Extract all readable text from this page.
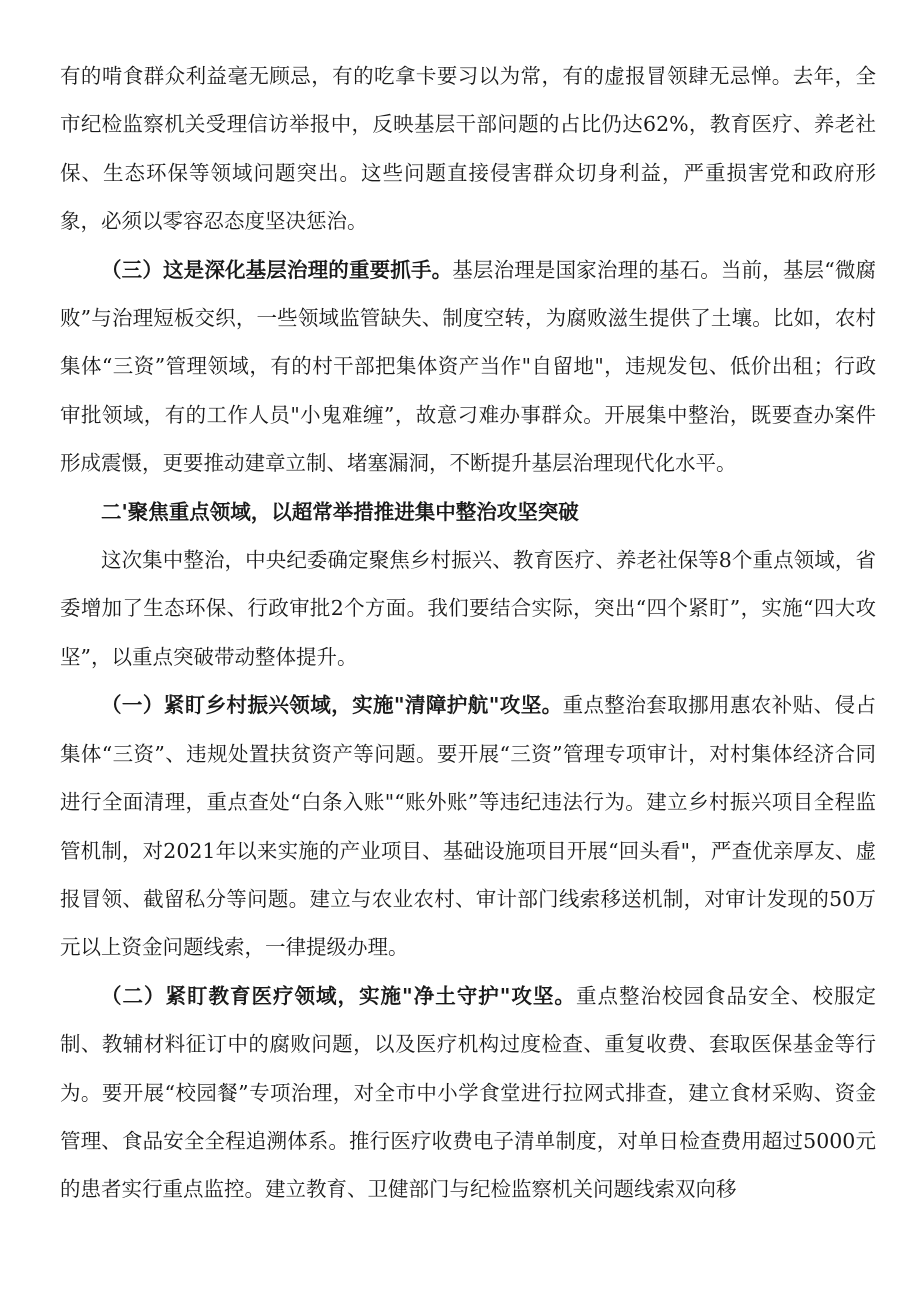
有的啃食群众利益毫无顾忌，有的吃拿卡要习以为常，有的虚报冒领肆无忌惮。去年，全市纪检监察机关受理信访举报中，反映基层干部问题的占比仍达62%，教育医疗、养老社保、生态环保等领域问题突出。这些问题直接侵害群众切身利益，严重损害党和政府形象，必须以零容忍态度坚决惩治。

（三）这是深化基层治理的重要抓手。基层治理是国家治理的基石。当前，基层“微腐败”与治理短板交织，一些领域监管缺失、制度空转，为腐败滋生提供了土壤。比如，农村集体“三资”管理领域，有的村干部把集体资产当作"自留地"，违规发包、低价出租；行政审批领域，有的工作人员"小鬼难缠”，故意刁难办事群众。开展集中整治，既要查办案件形成震慑，更要推动建章立制、堵塞漏洞，不断提升基层治理现代化水平。

二'聚焦重点领域，以超常举措推进集中整治攻坚突破

这次集中整治，中央纪委确定聚焦乡村振兴、教育医疗、养老社保等8个重点领域，省委增加了生态环保、行政审批2个方面。我们要结合实际，突出“四个紧盯”，实施“四大攻坚”，以重点突破带动整体提升。

（一）紧盯乡村振兴领域，实施"清障护航"攻坚。重点整治套取挪用惠农补贴、侵占集体“三资”、违规处置扶贫资产等问题。要开展“三资”管理专项审计，对村集体经济合同进行全面清理，重点查处“白条入账"“账外账”等违纪违法行为。建立乡村振兴项目全程监管机制，对2021年以来实施的产业项目、基础设施项目开展“回头看"，严查优亲厚友、虚报冒领、截留私分等问题。建立与农业农村、审计部门线索移送机制，对审计发现的50万元以上资金问题线索，一律提级办理。

（二）紧盯教育医疗领域，实施"净土守护"攻坚。重点整治校园食品安全、校服定制、教辅材料征订中的腐败问题，以及医疗机构过度检查、重复收费、套取医保基金等行为。要开展“校园餐”专项治理，对全市中小学食堂进行拉网式排查，建立食材采购、资金管理、食品安全全程追溯体系。推行医疗收费电子清单制度，对单日检查费用超过5000元的患者实行重点监控。建立教育、卫健部门与纪检监察机关问题线索双向移
